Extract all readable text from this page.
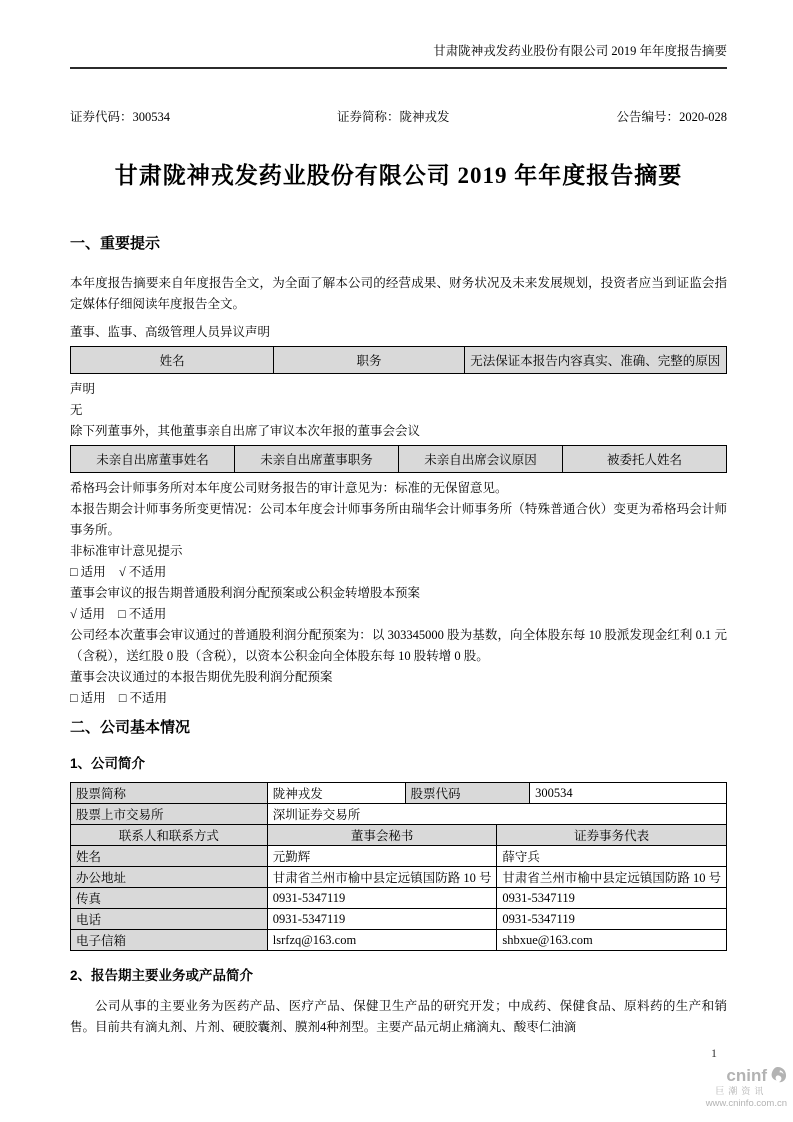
甘肃陇神戎发药业股份有限公司 2019 年年度报告摘要
证券代码：300534	证券简称：陇神戎发	公告编号：2020-028
甘肃陇神戎发药业股份有限公司 2019 年年度报告摘要
一、重要提示

本年度报告摘要来自年度报告全文，为全面了解本公司的经营成果、财务状况及未来发展规划，投资者应当到证监会指定媒体仔细阅读年度报告全文。

董事、监事、高级管理人员异议声明

姓名	职务	无法保证本报告内容真实、准确、完整的原因

声明

无

除下列董事外，其他董事亲自出席了审议本次年报的董事会会议

未亲自出席董事姓名	未亲自出席董事职务	未亲自出席会议原因	被委托人姓名

希格玛会计师事务所对本年度公司财务报告的审计意见为：标准的无保留意见。

本报告期会计师事务所变更情况：公司本年度会计师事务所由瑞华会计师事务所（特殊普通合伙）变更为希格玛会计师事务所。

非标准审计意见提示

□ 适用 √ 不适用

董事会审议的报告期普通股利润分配预案或公积金转增股本预案

√ 适用 □ 不适用

公司经本次董事会审议通过的普通股利润分配预案为：以 303345000 股为基数，向全体股东每 10 股派发现金红利 0.1 元（含税），送红股 0 股（含税），以资本公积金向全体股东每 10 股转增 0 股。

董事会决议通过的本报告期优先股利润分配预案

□ 适用 □ 不适用

二、公司基本情况
1、公司简介
股票简称	陇神戎发	股票代码		300534
股票上市交易所	深圳证券交易所			
联系人和联系方式	董事会秘书		证券事务代表	
姓名	元勤辉		薛守兵	
办公地址	甘肃省兰州市榆中县定远镇国防路 10 号		甘肃省兰州市榆中县定远镇国防路 10 号	
传真	0931-5347119		0931-5347119	
电话	0931-5347119		0931-5347119	
电子信箱	lsrfzq@163.com		shbxue@163.com	
2、报告期主要业务或产品简介

公司从事的主要业务为医药产品、医疗产品、保健卫生产品的研究开发；中成药、保健食品、原料药的生产和销售。目前共有滴丸剂、片剂、硬胶囊剂、膜剂4种剂型。主要产品元胡止痛滴丸、酸枣仁油滴

1
cninf
巨潮资讯
www.cninfo.com.cn
